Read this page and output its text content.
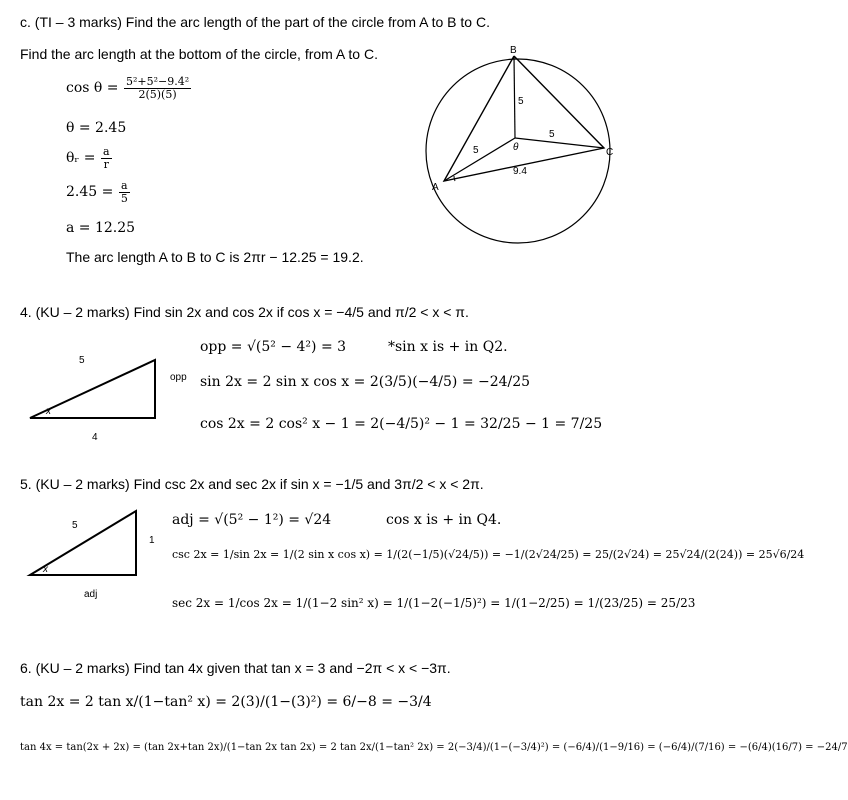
c. (TI – 3 marks) Find the arc length of the part of the circle from A to B to C.
Find the arc length at the bottom of the circle, from A to C.
$\cos \theta = \frac{\text{5²+5²−9.4²}}{2(5)(5)}$
θ = 2.45
θᵣ = $\frac{a}{r}$
$2.45 = \frac{a}{5}$
a = 12.25
The arc length A to B to C is 2πr − 12.25 = 19.2.
B
A
C
5
5
5
θ
9.4
4. (KU – 2 marks) Find sin 2x and cos 2x if cos x = −4/5 and π/2 < x < π.
5
opp
4
x
opp = √(5² − 4²) = 3	*sin x is + in Q2.
sin 2x = 2 sin x cos x = 2(3/5)(−4/5) = −24/25
cos 2x = 2 cos² x − 1 = 2(−4/5)² − 1 = 32/25 − 1 = 7/25
5. (KU – 2 marks) Find csc 2x and sec 2x if sin x = −1/5 and 3π/2 < x < 2π.
5
1
adj
x
adj = √(5² − 1²) = √24	cos x is + in Q4.
csc 2x = 1/sin 2x = 1/(2 sin x cos x) = 1/(2(−1/5)(√24/5)) = −1/(2√24/25) = 25/(2√24) = 25√24/(2(24)) = 25√6/24
sec 2x = 1/cos 2x = 1/(1−2 sin² x) = 1/(1−2(−1/5)²) = 1/(1−2/25) = 1/(23/25) = 25/23
6. (KU – 2 marks) Find tan 4x given that tan x = 3 and −2π < x < −3π.
tan 2x = 2 tan x/(1−tan² x) = 2(3)/(1−(3)²) = 6/−8 = −3/4
tan 4x = tan(2x + 2x) = (tan 2x+tan 2x)/(1−tan 2x tan 2x) = 2 tan 2x/(1−tan² 2x) = 2(−3/4)/(1−(−3/4)²) = (−6/4)/(1−9/16) = (−6/4)/(7/16) = −(6/4)(16/7) = −24/7
